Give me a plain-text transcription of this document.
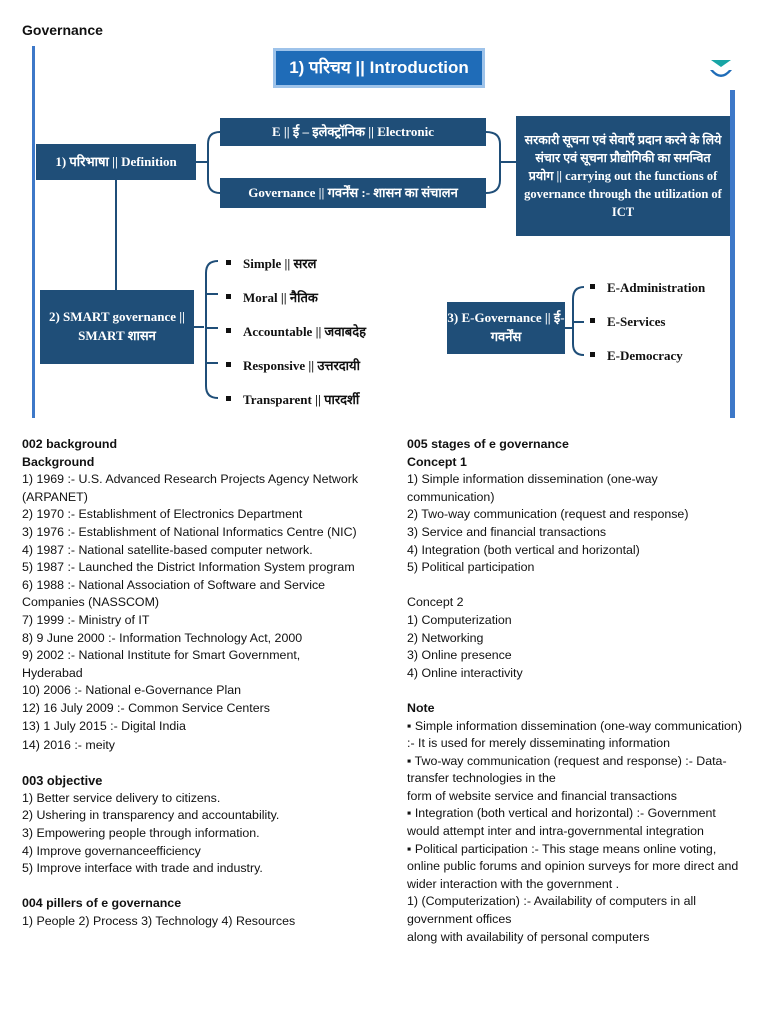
Governance
1) परिचय || Introduction
1) परिभाषा || Definition
E || ई – इलेक्ट्रॉनिक || Electronic
Governance || गवर्नेंस :- शासन का संचालन
सरकारी सूचना एवं सेवाएँ प्रदान करने के लिये संचार एवं सूचना प्रौद्योगिकी का समन्वित प्रयोग || carrying out the functions of governance through the utilization of ICT
2) SMART governance || SMART शासन
3) E-Governance || ई-गवर्नेंस
Simple || सरल
Moral || नैतिक
Accountable || जवाबदेह
Responsive || उत्तरदायी
Transparent || पारदर्शी
E-Administration
E-Services
E-Democracy

002 background

Background

1) 1969 :- U.S. Advanced Research Projects Agency Network (ARPANET)

2) 1970 :- Establishment of Electronics Department

3) 1976 :- Establishment of National Informatics Centre (NIC)

4) 1987 :- National satellite-based computer network.

5) 1987 :- Launched the District Information System program

6) 1988 :- National Association of Software and Service Companies (NASSCOM)

7) 1999 :- Ministry of IT

8) 9 June 2000 :- Information Technology Act, 2000

9) 2002 :- National Institute for Smart Government, Hyderabad

10) 2006 :- National e-Governance Plan

12) 16 July 2009 :- Common Service Centers

13) 1 July 2015 :- Digital India

14) 2016 :- meity

003 objective

1) Better service delivery to citizens.

2) Ushering in transparency and accountability.

3) Empowering people through information.

4) Improve governanceefficiency

5) Improve interface with trade and industry.

004 pillers of e governance

1) People 2) Process 3) Technology 4) Resources

005 stages of e governance

Concept 1

1) Simple information dissemination (one-way communication)

2) Two-way communication (request and response)

3) Service and financial transactions

4) Integration (both vertical and horizontal)

5) Political participation

Concept 2

1) Computerization

2) Networking

3) Online presence

4) Online interactivity

Note

▪ Simple information dissemination (one-way communication) :- It is used for merely disseminating information

▪ Two-way communication (request and response) :- Data-transfer technologies in the

form of website service and financial transactions

▪ Integration (both vertical and horizontal) :- Government would attempt inter and intra-governmental integration

▪ Political participation :- This stage means online voting, online public forums and opinion surveys for more direct and wider interaction with the government .

1) (Computerization) :- Availability of computers in all government offices

along with availability of personal computers
